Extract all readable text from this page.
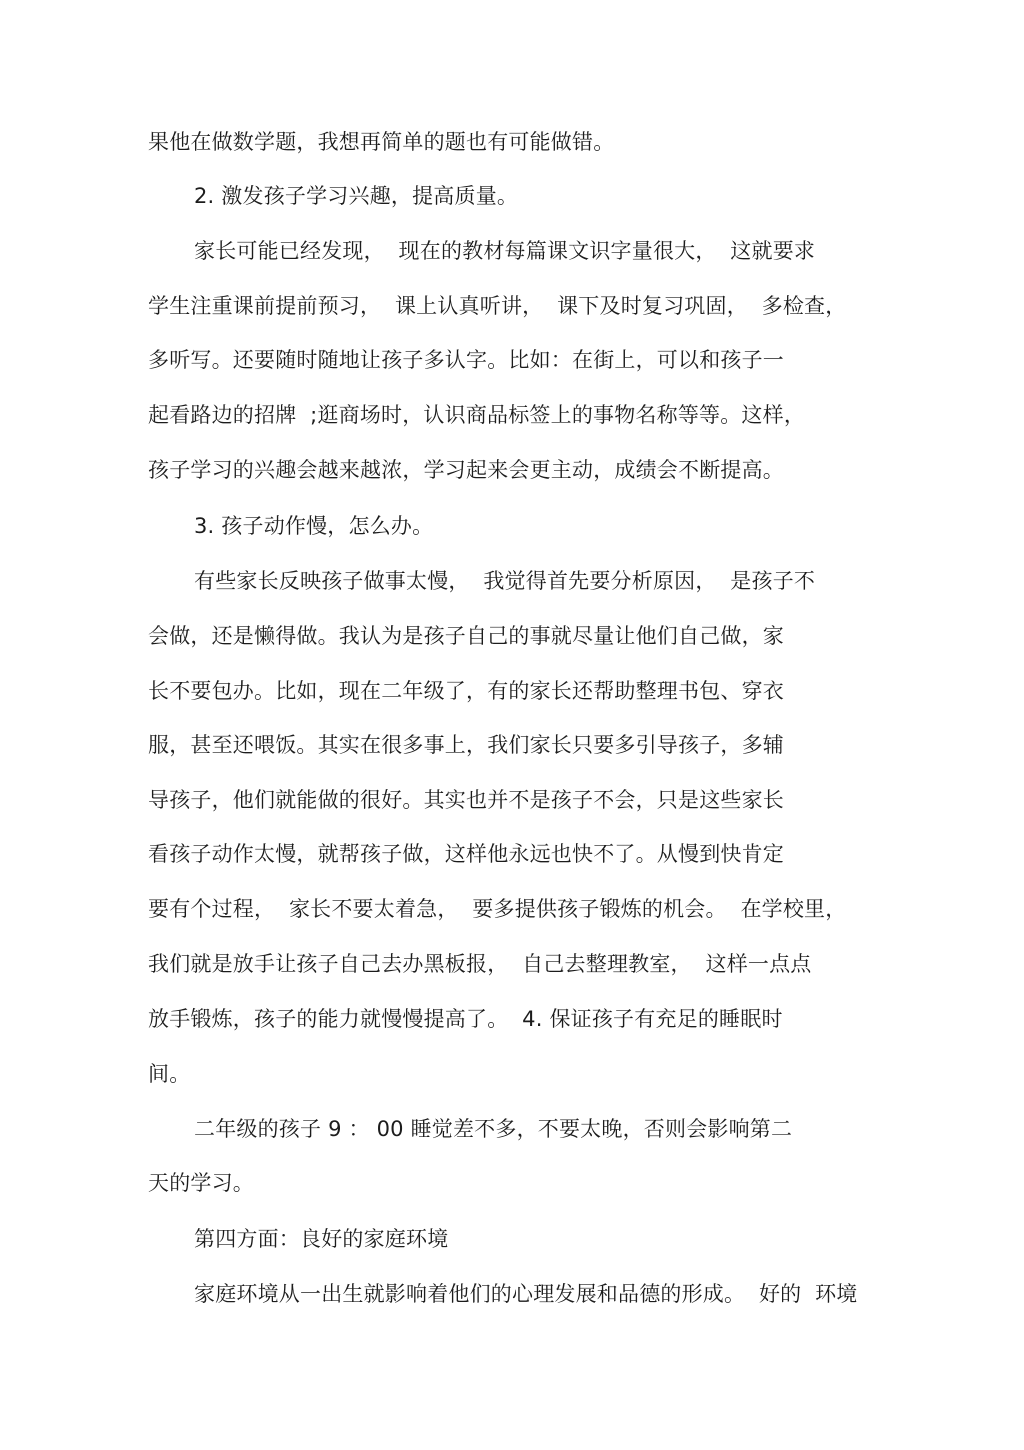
果他在做数学题，我想再简单的题也有可能做错。
2. 激发孩子学习兴趣，提高质量。
家长可能已经发现，  现在的教材每篇课文识字量很大，  这就要求
学生注重课前提前预习，  课上认真听讲，  课下及时复习巩固，  多检查，
多听写。还要随时随地让孩子多认字。比如：在街上，可以和孩子一
起看路边的招牌  ;逛商场时，认识商品标签上的事物名称等等。这样，
孩子学习的兴趣会越来越浓，学习起来会更主动，成绩会不断提高。
3. 孩子动作慢，怎么办。
有些家长反映孩子做事太慢，  我觉得首先要分析原因，  是孩子不
会做，还是懒得做。我认为是孩子自己的事就尽量让他们自己做，家
长不要包办。比如，现在二年级了，有的家长还帮助整理书包、穿衣
服，甚至还喂饭。其实在很多事上，我们家长只要多引导孩子，多辅
导孩子，他们就能做的很好。其实也并不是孩子不会，只是这些家长
看孩子动作太慢，就帮孩子做，这样他永远也快不了。从慢到快肯定
要有个过程，  家长不要太着急，  要多提供孩子锻炼的机会。  在学校里，
我们就是放手让孩子自己去办黑板报，  自己去整理教室，  这样一点点
放手锻炼，孩子的能力就慢慢提高了。  4. 保证孩子有充足的睡眠时
间。
二年级的孩子 9 ： 00 睡觉差不多，不要太晚，否则会影响第二
天的学习。
第四方面：良好的家庭环境
家庭环境从一出生就影响着他们的心理发展和品德的形成。  好的  环境
